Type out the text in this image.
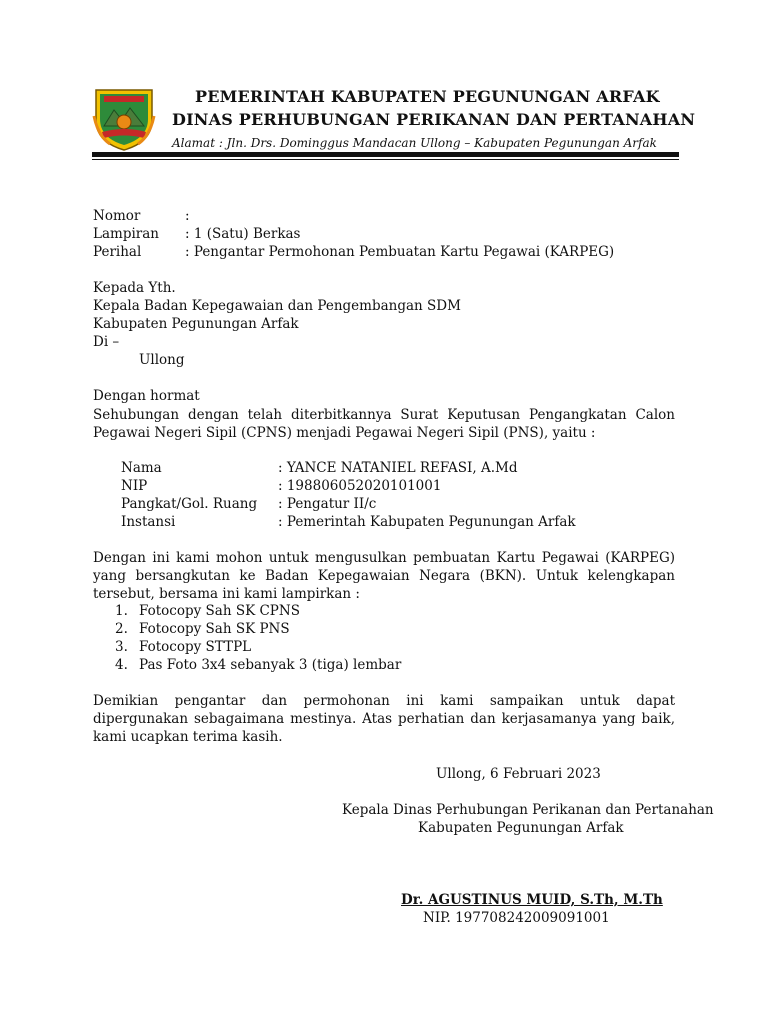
PEMERINTAH KABUPATEN PEGUNUNGAN ARFAK
DINAS PERHUBUNGAN PERIKANAN DAN PERTANAHAN
Alamat : Jln. Drs. Dominggus Mandacan Ullong – Kabupaten Pegunungan Arfak
Nomor	:
Lampiran : 1 (Satu) Berkas
Perihal	: Pengantar Permohonan Pembuatan Kartu Pegawai (KARPEG)
Kepada Yth.
Kepala Badan Kepegawaian dan Pengembangan SDM
Kabupaten Pegunungan Arfak
Di –
Ullong
Dengan hormat
Sehubungan dengan telah diterbitkannya Surat Keputusan Pengangkatan Calon Pegawai Negeri Sipil (CPNS) menjadi Pegawai Negeri Sipil (PNS), yaitu :
Nama	: YANCE NATANIEL REFASI, A.Md
NIP	: 198806052020101001
Pangkat/Gol. Ruang : Pengatur II/c
Instansi	: Pemerintah Kabupaten Pegunungan Arfak
Dengan ini kami mohon untuk mengusulkan pembuatan Kartu Pegawai (KARPEG) yang bersangkutan ke Badan Kepegawaian Negara (BKN). Untuk kelengkapan tersebut, bersama ini kami lampirkan :
1. Fotocopy Sah SK CPNS
2. Fotocopy Sah SK PNS
3. Fotocopy STTPL
4. Pas Foto 3x4 sebanyak 3 (tiga) lembar
Demikian pengantar dan permohonan ini kami sampaikan untuk dapat dipergunakan sebagaimana mestinya. Atas perhatian dan kerjasamanya yang baik, kami ucapkan terima kasih.
Ullong, 6 Februari 2023
Kepala Dinas Perhubungan Perikanan dan Pertanahan
Kabupaten Pegunungan Arfak
Dr. AGUSTINUS MUID, S.Th, M.Th
NIP. 197708242009091001
